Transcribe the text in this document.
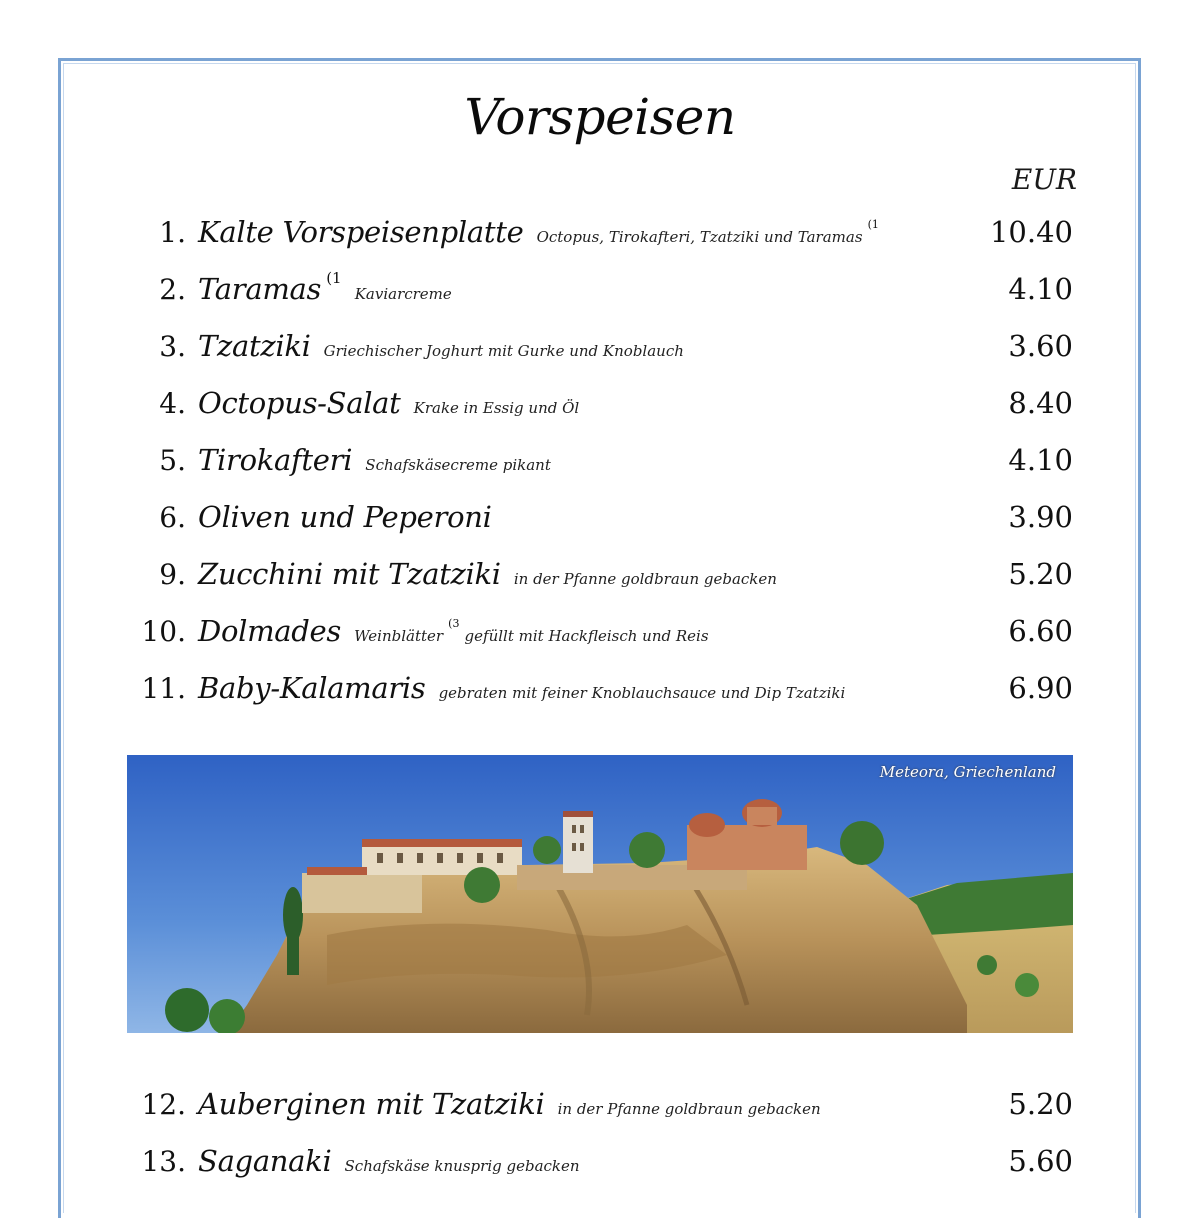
Vorspeisen
EUR
1. Kalte Vorspeisenplatte Octopus, Tirokafteri, Tzatziki und Taramas $^{(1}$	10.40
2. Taramas $^{(1}$ Kaviarcreme	4.10
3. Tzatziki Griechischer Joghurt mit Gurke und Knoblauch	3.60
4. Octopus-Salat Krake in Essig und Öl	8.40
5. Tirokafteri Schafskäsecreme pikant	4.10
6. Oliven und Peperoni	3.90
9. Zucchini mit Tzatziki in der Pfanne goldbraun gebacken	5.20
10. Dolmades Weinblätter $^{(3}$ gefüllt mit Hackfleisch und Reis	6.60
11. Baby-Kalamaris gebraten mit feiner Knoblauchsauce und Dip Tzatziki	6.90
Meteora, Griechenland
12. Auberginen mit Tzatziki in der Pfanne goldbraun gebacken	5.20
13. Saganaki Schafskäse knusprig gebacken	5.60
